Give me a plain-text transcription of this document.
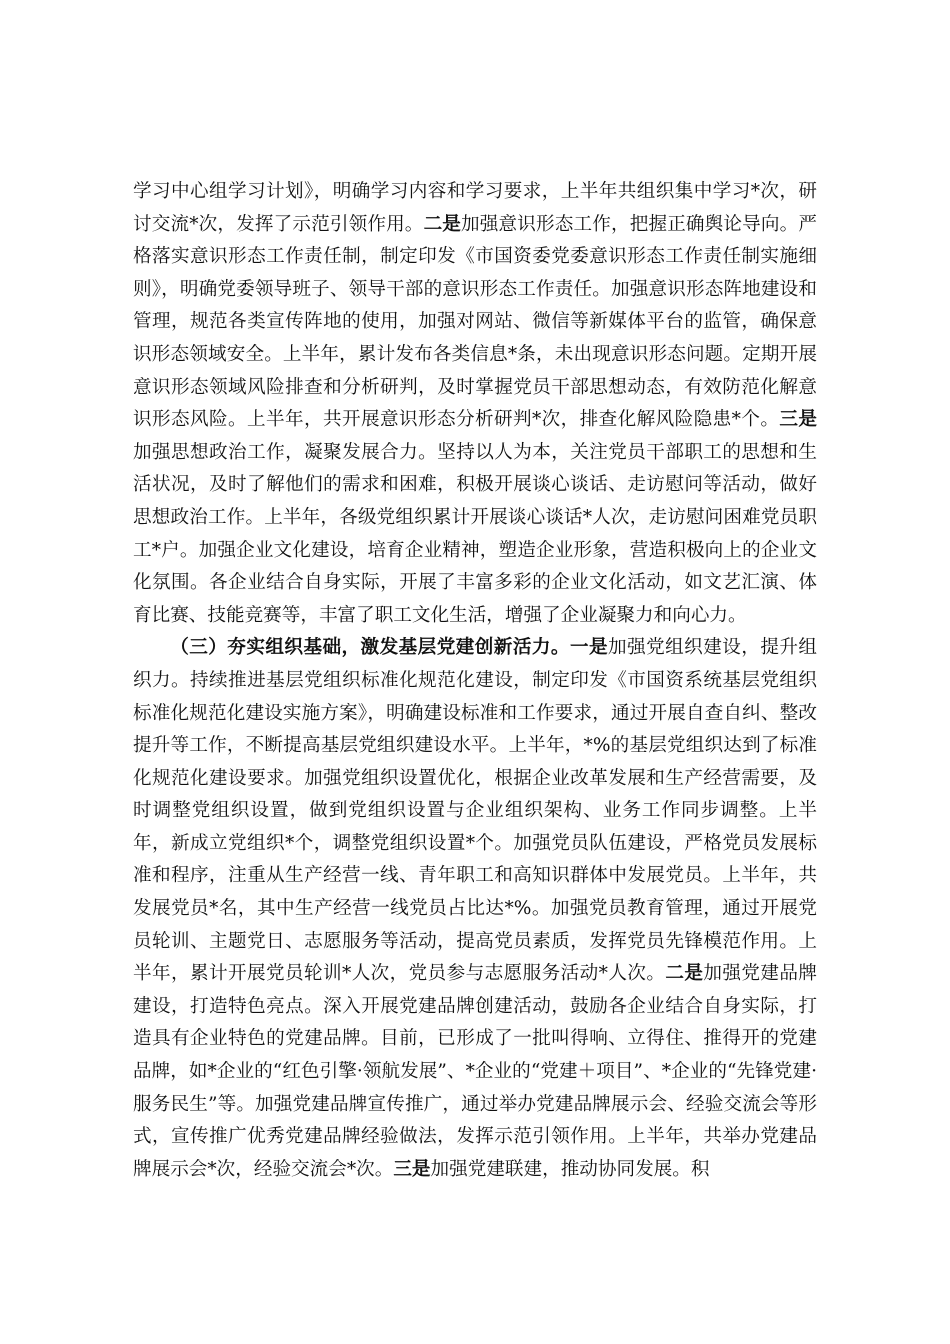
学习中心组学习计划》，明确学习内容和学习要求，上半年共组织集中学习*次，研讨交流*次，发挥了示范引领作用。二是加强意识形态工作，把握正确舆论导向。严格落实意识形态工作责任制，制定印发《市国资委党委意识形态工作责任制实施细则》，明确党委领导班子、领导干部的意识形态工作责任。加强意识形态阵地建设和管理，规范各类宣传阵地的使用，加强对网站、微信等新媒体平台的监管，确保意识形态领域安全。上半年，累计发布各类信息*条，未出现意识形态问题。定期开展意识形态领域风险排查和分析研判，及时掌握党员干部思想动态，有效防范化解意识形态风险。上半年，共开展意识形态分析研判*次，排查化解风险隐患*个。三是加强思想政治工作，凝聚发展合力。坚持以人为本，关注党员干部职工的思想和生活状况，及时了解他们的需求和困难，积极开展谈心谈话、走访慰问等活动，做好思想政治工作。上半年，各级党组织累计开展谈心谈话*人次，走访慰问困难党员职工*户。加强企业文化建设，培育企业精神，塑造企业形象，营造积极向上的企业文化氛围。各企业结合自身实际，开展了丰富多彩的企业文化活动，如文艺汇演、体育比赛、技能竞赛等，丰富了职工文化生活，增强了企业凝聚力和向心力。

（三）夯实组织基础，激发基层党建创新活力。一是加强党组织建设，提升组织力。持续推进基层党组织标准化规范化建设，制定印发《市国资系统基层党组织标准化规范化建设实施方案》，明确建设标准和工作要求，通过开展自查自纠、整改提升等工作，不断提高基层党组织建设水平。上半年，*%的基层党组织达到了标准化规范化建设要求。加强党组织设置优化，根据企业改革发展和生产经营需要，及时调整党组织设置，做到党组织设置与企业组织架构、业务工作同步调整。上半年，新成立党组织*个，调整党组织设置*个。加强党员队伍建设，严格党员发展标准和程序，注重从生产经营一线、青年职工和高知识群体中发展党员。上半年，共发展党员*名，其中生产经营一线党员占比达*%。加强党员教育管理，通过开展党员轮训、主题党日、志愿服务等活动，提高党员素质，发挥党员先锋模范作用。上半年，累计开展党员轮训*人次，党员参与志愿服务活动*人次。二是加强党建品牌建设，打造特色亮点。深入开展党建品牌创建活动，鼓励各企业结合自身实际，打造具有企业特色的党建品牌。目前，已形成了一批叫得响、立得住、推得开的党建品牌，如*企业的“红色引擎·领航发展”、*企业的“党建＋项目”、*企业的“先锋党建·服务民生”等。加强党建品牌宣传推广，通过举办党建品牌展示会、经验交流会等形式，宣传推广优秀党建品牌经验做法，发挥示范引领作用。上半年，共举办党建品牌展示会*次，经验交流会*次。三是加强党建联建，推动协同发展。积
